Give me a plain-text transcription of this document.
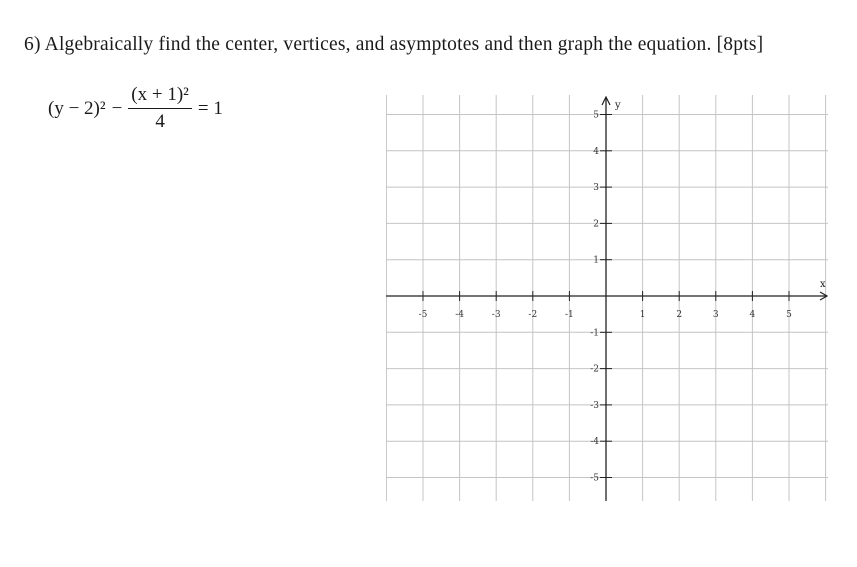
6) Algebraically find the center, vertices, and asymptotes and then graph the equation. [8pts]
$(y - 2)^2 - \frac{\text{(x + 1)²}}{4} = 1$
x
y
-5	-4	-3	-2	-1	1	2	3	4	5
5
4
3
2
1
-1
-2
-3
-4
-5
